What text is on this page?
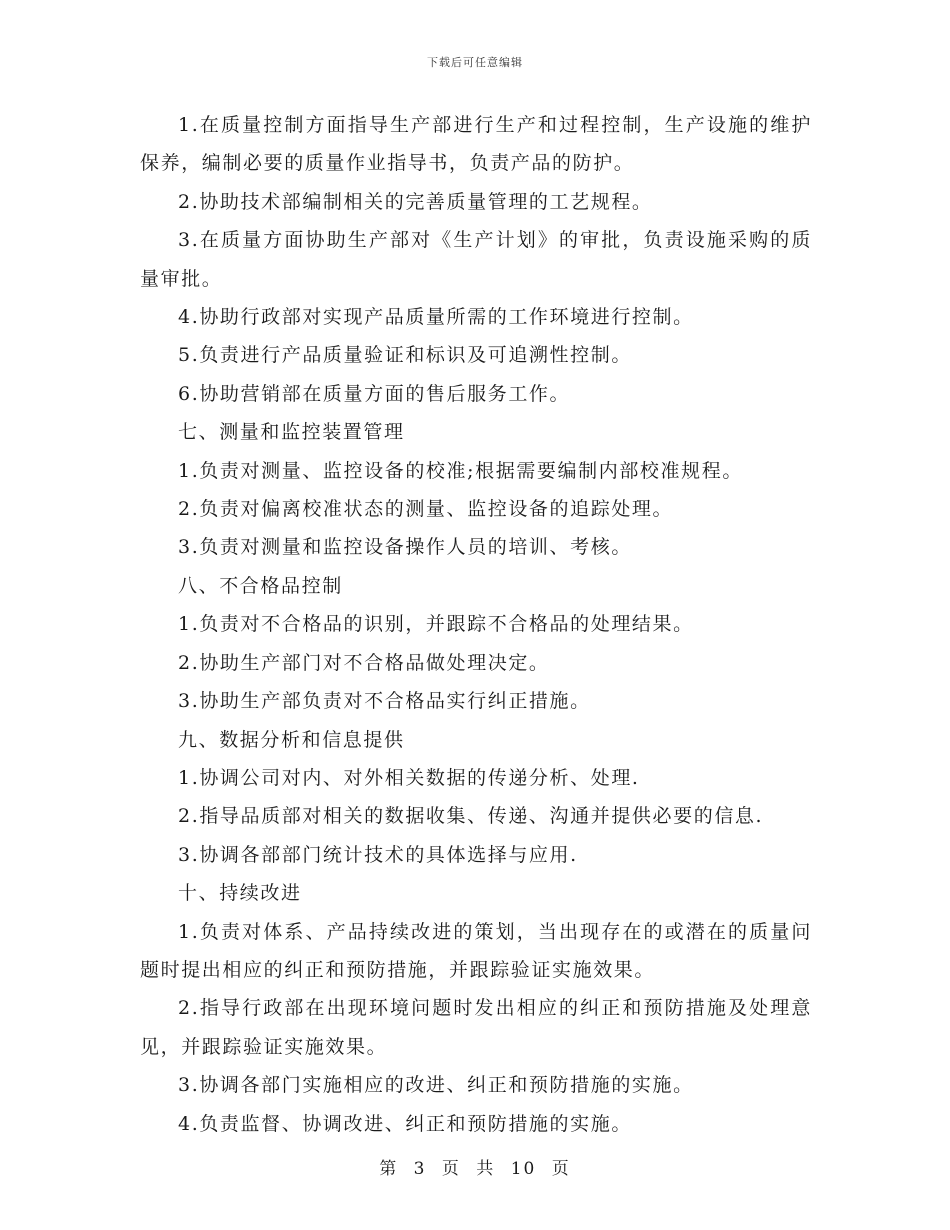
下载后可任意编辑

1.在质量控制方面指导生产部进行生产和过程控制，生产设施的维护保养，编制必要的质量作业指导书，负责产品的防护。

2.协助技术部编制相关的完善质量管理的工艺规程。

3.在质量方面协助生产部对《生产计划》的审批，负责设施采购的质量审批。

4.协助行政部对实现产品质量所需的工作环境进行控制。

5.负责进行产品质量验证和标识及可追溯性控制。

6.协助营销部在质量方面的售后服务工作。

七、测量和监控装置管理

1.负责对测量、监控设备的校准;根据需要编制内部校准规程。

2.负责对偏离校准状态的测量、监控设备的追踪处理。

3.负责对测量和监控设备操作人员的培训、考核。

八、不合格品控制

1.负责对不合格品的识别，并跟踪不合格品的处理结果。

2.协助生产部门对不合格品做处理决定。

3.协助生产部负责对不合格品实行纠正措施。

九、数据分析和信息提供

1.协调公司对内、对外相关数据的传递分析、处理.

2.指导品质部对相关的数据收集、传递、沟通并提供必要的信息.

3.协调各部部门统计技术的具体选择与应用.

十、持续改进

1.负责对体系、产品持续改进的策划，当出现存在的或潜在的质量问题时提出相应的纠正和预防措施，并跟踪验证实施效果。

2.指导行政部在出现环境问题时发出相应的纠正和预防措施及处理意见，并跟踪验证实施效果。

3.协调各部门实施相应的改进、纠正和预防措施的实施。

4.负责监督、协调改进、纠正和预防措施的实施。

第 3 页 共 10 页
